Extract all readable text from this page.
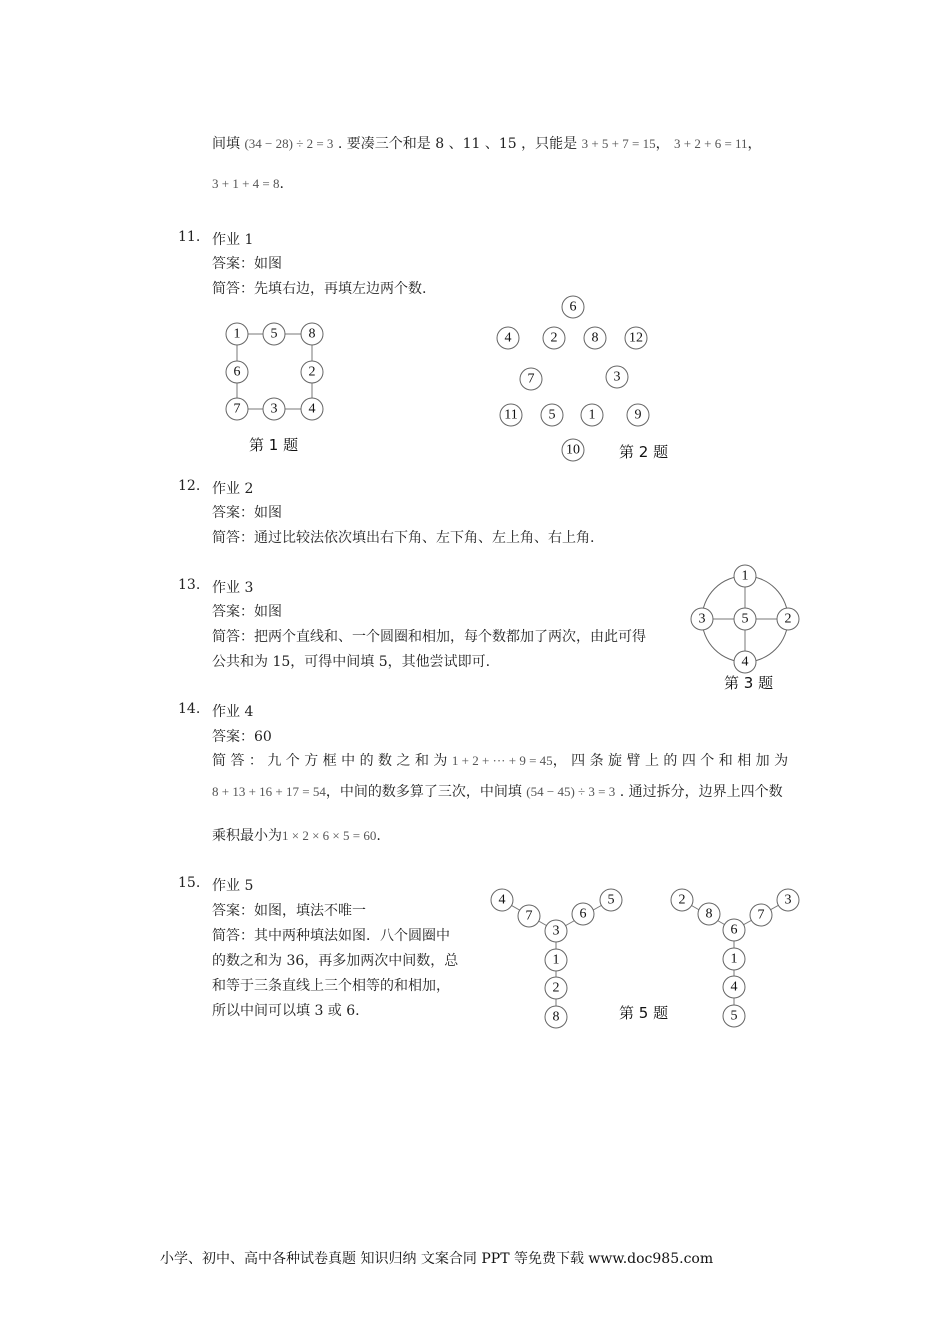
间填 (34 − 28) ÷ 2 = 3 . 要凑三个和是 8 、11 、15 ，只能是 3 + 5 + 7 = 15， 3 + 2 + 6 = 11，
3 + 1 + 4 = 8.
11. 作业 1
答案：如图
简答：先填右边，再填左边两个数.
1 5 8
6	2
7 3 4
第 1 题
6
4	2 8 12
7	3
11 5 1	9
10	第 2 题
12. 作业 2
答案：如图
简答：通过比较法依次填出右下角、左下角、左上角、右上角.
13. 作业 3
答案：如图
简答：把两个直线和、一个圆圈和相加，每个数都加了两次，由此可得
公共和为 15，可得中间填 5，其他尝试即可.
1
3	5	2
4
第 3 题
14. 作业 4
答案：60
简 答 ： 九 个 方 框 中 的 数 之 和 为 1 + 2 + ··· + 9 = 45， 四 条 旋 臂 上 的 四 个 和 相 加 为
8 + 13 + 16 + 17 = 54，中间的数多算了三次，中间填 (54 − 45) ÷ 3 = 3 . 通过拆分，边界上四个数
乘积最小为1 × 2 × 6 × 5 = 60.
15. 作业 5
答案：如图，填法不唯一
简答：其中两种填法如图．八个圆圈中
的数之和为 36，再多加两次中间数，总
和等于三条直线上三个相等的和相加，
所以中间可以填 3 或 6.
4
7	6
5
3
1
2
8	第 5 题
2
8	7
3
6
1
4
5
小学、初中、高中各种试卷真题 知识归纳 文案合同 PPT 等免费下载 www.doc985.com
